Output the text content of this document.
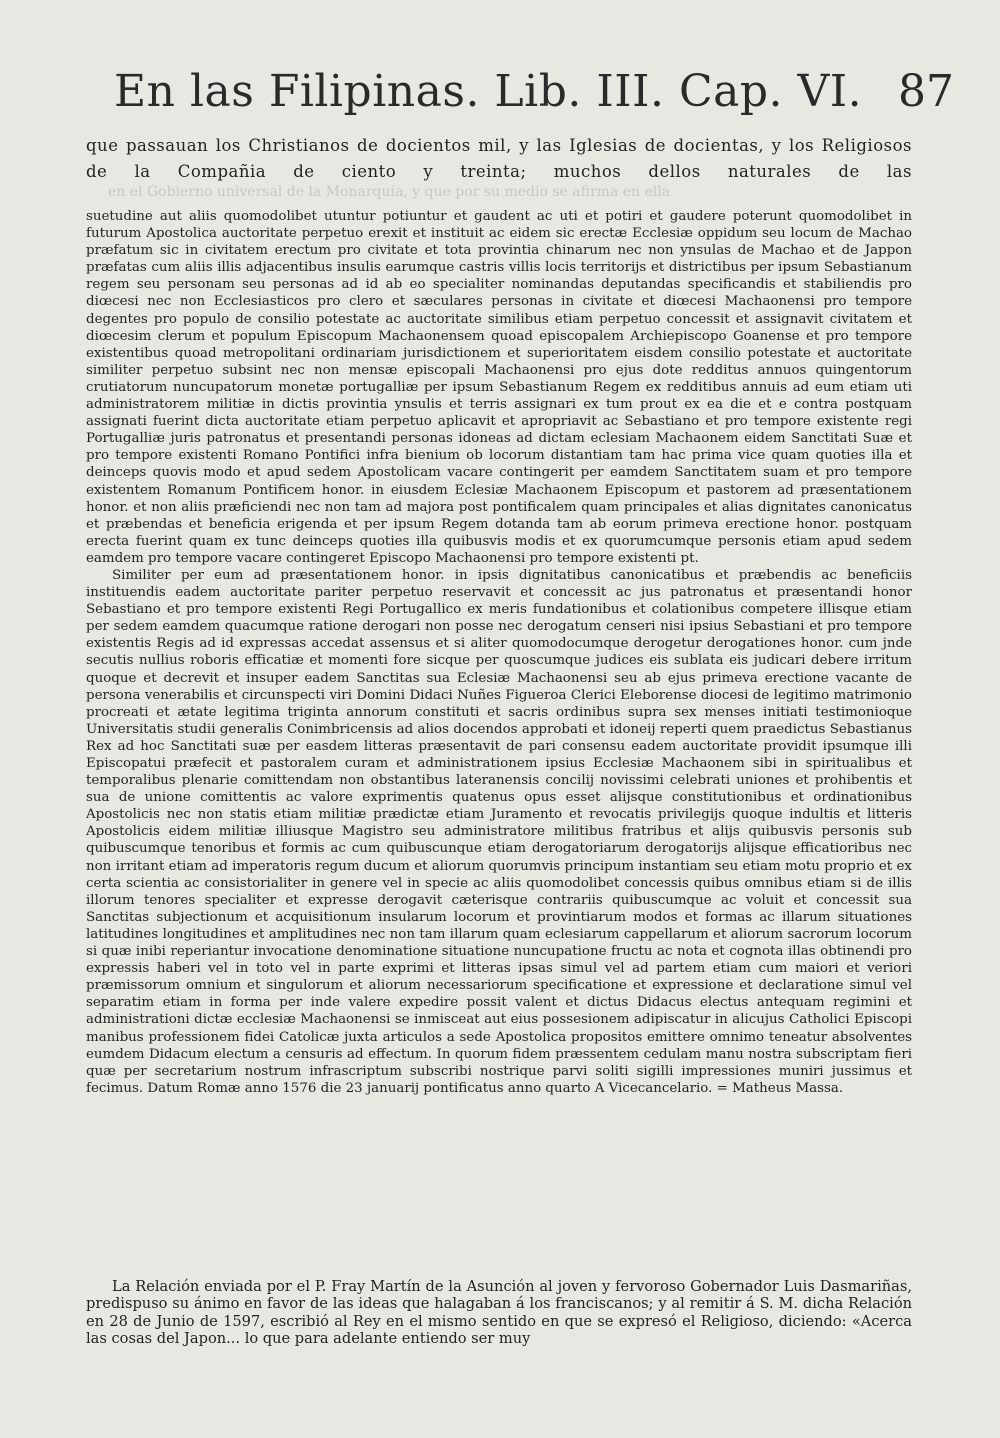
En las Filipinas. Lib. III. Cap. VI. 87
que passauan los Christianos de docientos mil, y las Iglesias de docientas, y los Religiosos de la Compañia de ciento y treinta; muchos dellos naturales de las
en el Gobierno universal de la Monarquia, y que por su medio se afirma en ella

suetudine aut aliis quomodolibet utuntur potiuntur et gaudent ac uti et potiri et gaudere poterunt quomodolibet in futurum Apostolica auctoritate perpetuo erexit et instituit ac eidem sic erectæ Ecclesiæ oppidum seu locum de Machao præfatum sic in civitatem erectum pro civitate et tota provintia chinarum nec non ynsulas de Machao et de Jappon præfatas cum aliis illis adjacentibus insulis earumque castris villis locis territorijs et districtibus per ipsum Sebastianum regem seu personam seu personas ad id ab eo specialiter nominandas deputandas specificandis et stabiliendis pro diœcesi nec non Ecclesiasticos pro clero et sæculares personas in civitate et diœcesi Machaonensi pro tempore degentes pro populo de consilio potestate ac auctoritate similibus etiam perpetuo concessit et assignavit civitatem et diœcesim clerum et populum Episcopum Machaonensem quoad episcopalem Archiepiscopo Goanense et pro tempore existentibus quoad metropolitani ordinariam jurisdictionem et superioritatem eisdem consilio potestate et auctoritate similiter perpetuo subsint nec non mensæ episcopali Machaonensi pro ejus dote redditus annuos quingentorum crutiatorum nuncupatorum monetæ portugalliæ per ipsum Sebastianum Regem ex redditibus annuis ad eum etiam uti administratorem militiæ in dictis provintia ynsulis et terris assignari ex tum prout ex ea die et e contra postquam assignati fuerint dicta auctoritate etiam perpetuo aplicavit et apropriavit ac Sebastiano et pro tempore existente regi Portugalliæ juris patronatus et presentandi personas idoneas ad dictam eclesiam Machaonem eidem Sanctitati Suæ et pro tempore existenti Romano Pontifici infra bienium ob locorum distantiam tam hac prima vice quam quoties illa et deinceps quovis modo et apud sedem Apostolicam vacare contingerit per eamdem Sanctitatem suam et pro tempore existentem Romanum Pontificem honor. in eiusdem Eclesiæ Machaonem Episcopum et pastorem ad præsentationem honor. et non aliis præficiendi nec non tam ad majora post pontificalem quam principales et alias dignitates canonicatus et præbendas et beneficia erigenda et per ipsum Regem dotanda tam ab eorum primeva erectione honor. postquam erecta fuerint quam ex tunc deinceps quoties illa quibusvis modis et ex quorumcumque personis etiam apud sedem eamdem pro tempore vacare contingeret Episcopo Machaonensi pro tempore existenti pt.

Similiter per eum ad præsentationem honor. in ipsis dignitatibus canonicatibus et præbendis ac beneficiis instituendis eadem auctoritate pariter perpetuo reservavit et concessit ac jus patronatus et præsentandi honor Sebastiano et pro tempore existenti Regi Portugallico ex meris fundationibus et colationibus competere illisque etiam per sedem eamdem quacumque ratione derogari non posse nec derogatum censeri nisi ipsius Sebastiani et pro tempore existentis Regis ad id expressas accedat assensus et si aliter quomodocumque derogetur derogationes honor. cum jnde secutis nullius roboris efficatiæ et momenti fore sicque per quoscumque judices eis sublata eis judicari debere irritum quoque et decrevit et insuper eadem Sanctitas sua Eclesiæ Machaonensi seu ab ejus primeva erectione vacante de persona venerabilis et circunspecti viri Domini Didaci Nuñes Figueroa Clerici Eleborense diocesi de legitimo matrimonio procreati et ætate legitima triginta annorum constituti et sacris ordinibus supra sex menses initiati testimonioque Universitatis studii generalis Conimbricensis ad alios docendos approbati et idoneij reperti quem praedictus Sebastianus Rex ad hoc Sanctitati suæ per easdem litteras præsentavit de pari consensu eadem auctoritate providit ipsumque illi Episcopatui præfecit et pastoralem curam et administrationem ipsius Ecclesiæ Machaonem sibi in spiritualibus et temporalibus plenarie comittendam non obstantibus lateranensis concilij novissimi celebrati uniones et prohibentis et sua de unione comittentis ac valore exprimentis quatenus opus esset alijsque constitutionibus et ordinationibus Apostolicis nec non statis etiam militiæ prædictæ etiam Juramento et revocatis privilegijs quoque indultis et litteris Apostolicis eidem militiæ illiusque Magistro seu administratore militibus fratribus et alijs quibusvis personis sub quibuscumque tenoribus et formis ac cum quibuscunque etiam derogatoriarum derogatorijs alijsque efficatioribus nec non irritant etiam ad imperatoris regum ducum et aliorum quorumvis principum instantiam seu etiam motu proprio et ex certa scientia ac consistorialiter in genere vel in specie ac aliis quomodolibet concessis quibus omnibus etiam si de illis illorum tenores specialiter et expresse derogavit cæterisque contrariis quibuscumque ac voluit et concessit sua Sanctitas subjectionum et acquisitionum insularum locorum et provintiarum modos et formas ac illarum situationes latitudines longitudines et amplitudines nec non tam illarum quam eclesiarum cappellarum et aliorum sacrorum locorum si quæ inibi reperiantur invocatione denominatione situatione nuncupatione fructu ac nota et cognota illas obtinendi pro expressis haberi vel in toto vel in parte exprimi et litteras ipsas simul vel ad partem etiam cum maiori et veriori præmissorum omnium et singulorum et aliorum necessariorum specificatione et expressione et declaratione simul vel separatim etiam in forma per inde valere expedire possit valent et dictus Didacus electus antequam regimini et administrationi dictæ ecclesiæ Machaonensi se inmisceat aut eius possesionem adipiscatur in alicujus Catholici Episcopi manibus professionem fidei Catolicæ juxta articulos a sede Apostolica propositos emittere omnimo teneatur absolventes eumdem Didacum electum a censuris ad effectum. In quorum fidem præssentem cedulam manu nostra subscriptam fieri quæ per secretarium nostrum infrascriptum subscribi nostrique parvi soliti sigilli impressiones muniri jussimus et fecimus. Datum Romæ anno 1576 die 23 januarij pontificatus anno quarto A Vicecancelario. = Matheus Massa.

La Relación enviada por el P. Fray Martín de la Asunción al joven y fervoroso Gobernador Luis Dasmariñas, predispuso su ánimo en favor de las ideas que halagaban á los franciscanos; y al remitir á S. M. dicha Relación en 28 de Junio de 1597, escribió al Rey en el mismo sentido en que se expresó el Religioso, diciendo: «Acerca las cosas del Japon... lo que para adelante entiendo ser muy
